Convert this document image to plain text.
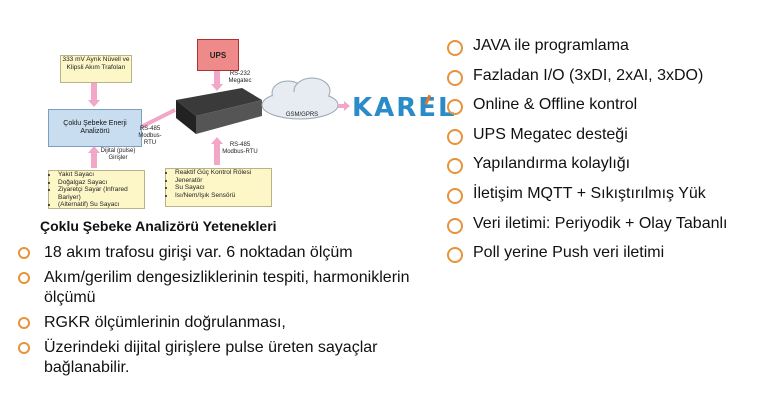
333 mV Ayrık Nüvell ve Klipsli Akım Trafoları
Çoklu Şebeke Enerji Analizörü
UPS
RS-232 Megatec
RS-485 Modbus-RTU	RS-485 Modbus-RTU
Dijital (pulse) Girişler
GSM/GPRS KAREL
• Yakıt Sayacı
• Doğalgaz Sayacı
• Ziyaretçi Sayar (Infrared Bariyer)
• (Alternatif) Su Sayacı
• Reaktif Güç Kontrol Rölesi
• Jeneratör
• Su Sayacı
• Isı/Nem/Işık Sensörü
Çoklu Şebeke Analizörü Yetenekleri
18 akım trafosu girişi var. 6 noktadan ölçüm
Akım/gerilim dengesizliklerinin tespiti, harmoniklerin ölçümü
RGKR ölçümlerinin doğrulanması,
Üzerindeki dijital girişlere pulse üreten sayaçlar bağlanabilir.
JAVA ile programlama
Fazladan I/O (3xDI, 2xAI, 3xDO)
Online & Offline kontrol
UPS Megatec desteği
Yapılandırma kolaylığı
İletişim MQTT + Sıkıştırılmış Yük
Veri iletimi: Periyodik + Olay Tabanlı
Poll yerine Push veri iletimi
